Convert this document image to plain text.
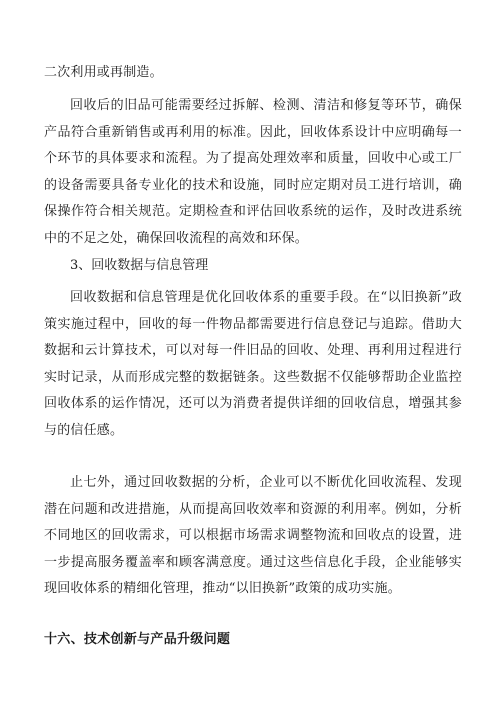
二次利用或再制造。

回收后的旧品可能需要经过拆解、检测、清洁和修复等环节，确保产品符合重新销售或再利用的标准。因此，回收体系设计中应明确每一个环节的具体要求和流程。为了提高处理效率和质量，回收中心或工厂的设备需要具备专业化的技术和设施，同时应定期对员工进行培训，确保操作符合相关规范。定期检查和评估回收系统的运作，及时改进系统中的不足之处，确保回收流程的高效和环保。

3、回收数据与信息管理

回收数据和信息管理是优化回收体系的重要手段。在“以旧换新”政策实施过程中，回收的每一件物品都需要进行信息登记与追踪。借助大数据和云计算技术，可以对每一件旧品的回收、处理、再利用过程进行实时记录，从而形成完整的数据链条。这些数据不仅能够帮助企业监控回收体系的运作情况，还可以为消费者提供详细的回收信息，增强其参与的信任感。

止七外，通过回收数据的分析，企业可以不断优化回收流程、发现潜在问题和改进措施，从而提高回收效率和资源的利用率。例如，分析不同地区的回收需求，可以根据市场需求调整物流和回收点的设置，进一步提高服务覆盖率和顾客满意度。通过这些信息化手段，企业能够实现回收体系的精细化管理，推动“以旧换新”政策的成功实施。

十六、技术创新与产品升级问题
